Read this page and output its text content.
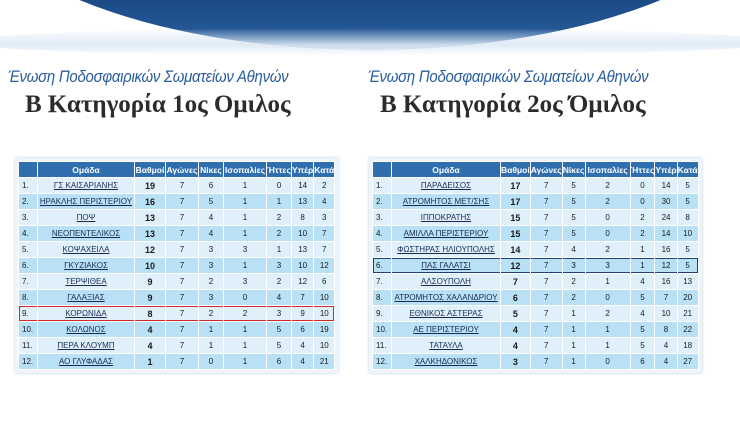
Ένωση Ποδοσφαιρικών Σωματείων Αθηνών
Β Κατηγορία 1ος Ομιλος
	Ομάδα	Βαθμοί	Αγώνες	Νίκες	Ισοπαλίες	Ήττες	Υπέρ	Κατά
1.	ΓΣ ΚΑΙΣΑΡΙΑΝΗΣ	19	7	6	1	0	14	2
2.	ΗΡΑΚΛΗΣ ΠΕΡΙΣΤΕΡΙΟΥ	16	7	5	1	1	13	4
3.	ΠΟΨ	13	7	4	1	2	8	3
4.	ΝΕΟΠΕΝΤΕΛΙΚΟΣ	13	7	4	1	2	10	7
5.	ΚΟΨΑΧΕΙΛΑ	12	7	3	3	1	13	7
6.	ΓΚΥΖΙΑΚΟΣ	10	7	3	1	3	10	12
7.	ΤΕΡΨΙΘΕΑ	9	7	2	3	2	12	6
8.	ΓΑΛΑΞΙΑΣ	9	7	3	0	4	7	10
9.	ΚΟΡΩΝΙΔΑ	8	7	2	2	3	9	10
10.	ΚΟΛΩΝΟΣ	4	7	1	1	5	6	19
11.	ΠΕΡΑ ΚΛΟΥΜΠ	4	7	1	1	5	4	10
12.	ΑΟ ΓΛΥΦΑΔΑΣ	1	7	0	1	6	4	21
Ένωση Ποδοσφαιρικών Σωματείων Αθηνών
Β Κατηγορία 2ος Όμιλος
	Ομάδα	Βαθμοί	Αγώνες	Νίκες	Ισοπαλίες	Ήττες	Υπέρ	Κατά
1.	ΠΑΡΑΔΕΙΣΟΣ	17	7	5	2	0	14	5
2.	ΑΤΡΟΜΗΤΟΣ ΜΕΤ/ΣΗΣ	17	7	5	2	0	30	5
3.	ΙΠΠΟΚΡΑΤΗΣ	15	7	5	0	2	24	8
4.	ΑΜΙΛΛΑ ΠΕΡΙΣΤΕΡΙΟΥ	15	7	5	0	2	14	10
5.	ΦΩΣΤΗΡΑΣ ΗΛΙΟΥΠΟΛΗΣ	14	7	4	2	1	16	5
6.	ΠΑΣ ΓΑΛΑΤΣΙ	12	7	3	3	1	12	5
7.	ΑΛΣΟΥΠΟΛΗ	7	7	2	1	4	16	13
8.	ΑΤΡΟΜΗΤΟΣ ΧΑΛΑΝΔΡΙΟΥ	6	7	2	0	5	7	20
9.	ΕΘΝΙΚΟΣ ΑΣΤΕΡΑΣ	5	7	1	2	4	10	21
10.	ΑΕ ΠΕΡΙΣΤΕΡΙΟΥ	4	7	1	1	5	8	22
11.	ΤΑΤΑΥΛΑ	4	7	1	1	5	4	18
12.	ΧΑΛΚΗΔΟΝΙΚΟΣ	3	7	1	0	6	4	27
